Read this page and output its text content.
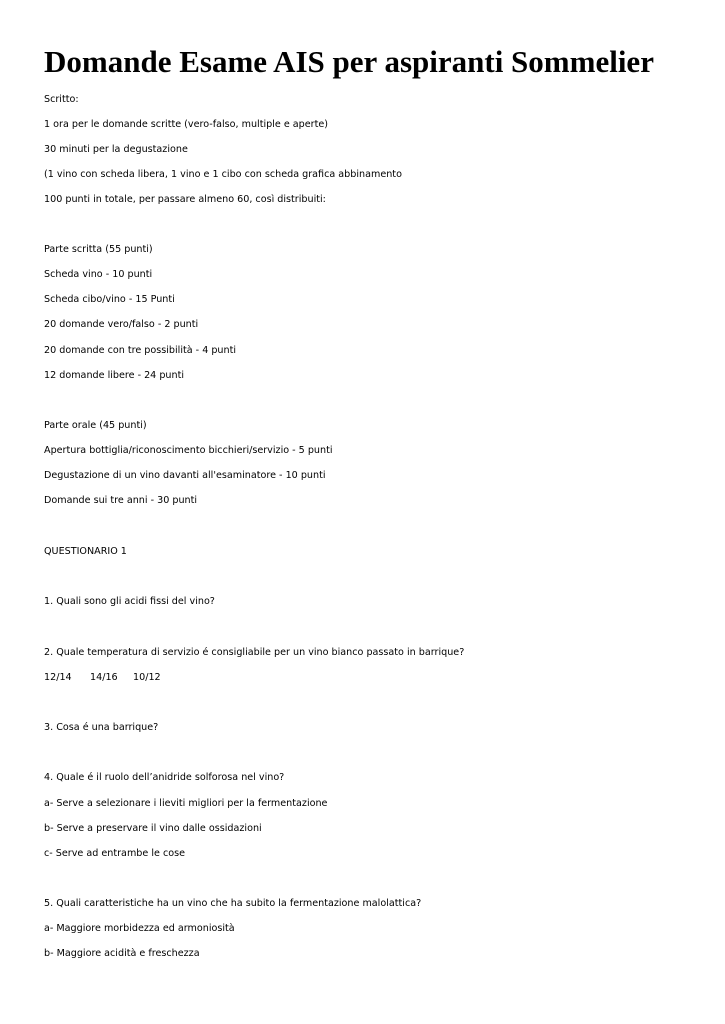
Domande Esame AIS per aspiranti Sommelier

Scritto:

1 ora per le domande scritte (vero-falso, multiple e aperte)

30 minuti per la degustazione

(1 vino con scheda libera, 1 vino e 1 cibo con scheda grafica abbinamento

100 punti in totale, per passare almeno 60, così distribuiti:

Parte scritta (55 punti)

Scheda vino - 10 punti

Scheda cibo/vino - 15 Punti

20 domande vero/falso - 2 punti

20 domande con tre possibilità - 4 punti

12 domande libere - 24 punti

Parte orale (45 punti)

Apertura bottiglia/riconoscimento bicchieri/servizio - 5 punti

Degustazione di un vino davanti all'esaminatore - 10 punti

Domande sui tre anni - 30 punti

QUESTIONARIO 1

1. Quali sono gli acidi fissi del vino?

2. Quale temperatura di servizio é consigliabile per un vino bianco passato in barrique?

12/14 14/16 10/12

3. Cosa é una barrique?

4. Quale é il ruolo dell’anidride solforosa nel vino?

a- Serve a selezionare i lieviti migliori per la fermentazione

b- Serve a preservare il vino dalle ossidazioni

c- Serve ad entrambe le cose

5. Quali caratteristiche ha un vino che ha subito la fermentazione malolattica?

a- Maggiore morbidezza ed armoniosità

b- Maggiore acidità e freschezza
